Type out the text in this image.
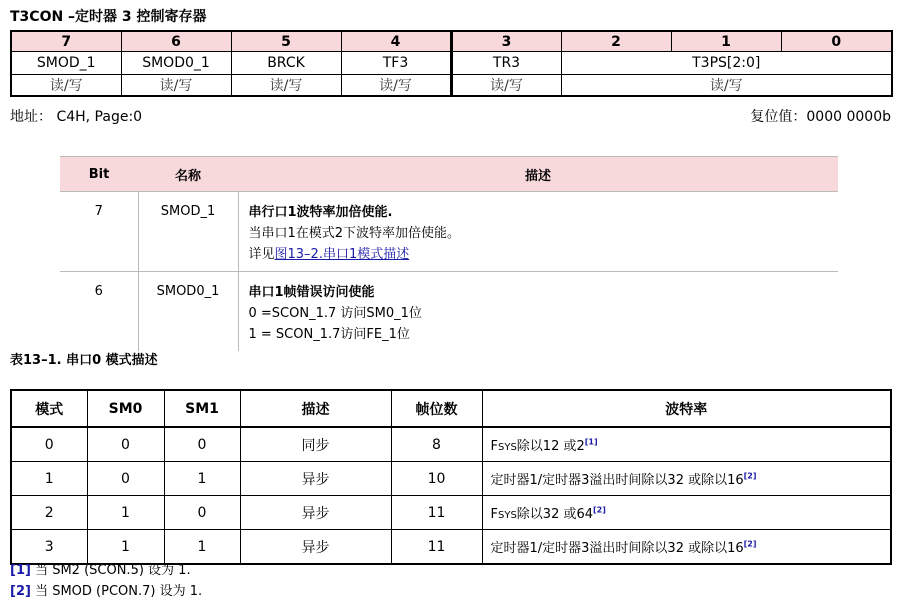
T3CON –定时器 3 控制寄存器
7	6	5	4	3	2	1	0
SMOD_1	SMOD0_1	BRCK	TF3	TR3	T3PS[2:0]		
读/写	读/写	读/写	读/写	读/写	读/写		
地址： C4H, Page:0	复位值：0000 0000b
Bit	名称	描述
7	SMOD_1	串行口1波特率加倍使能.
当串口1在模式2下波特率加倍使能。
详见图13–2.串口1模式描述

6	SMOD0_1	串口1帧错误访问使能
0 =SCON_1.7 访问SM0_1位
1 = SCON_1.7访问FE_1位
表13–1. 串口0 模式描述
模式	SM0	SM1	描述	帧位数	波特率
0	0	0	同步	8	FSYS除以12 或2[1]
1	0	1	异步	10	定时器1/定时器3溢出时间除以32 或除以16[2]
2	1	0	异步	11	FSYS除以32 或64[2]
3	1	1	异步	11	定时器1/定时器3溢出时间除以32 或除以16[2]
[1] 当 SM2 (SCON.5) 设为 1.
[2] 当 SMOD (PCON.7) 设为 1.
